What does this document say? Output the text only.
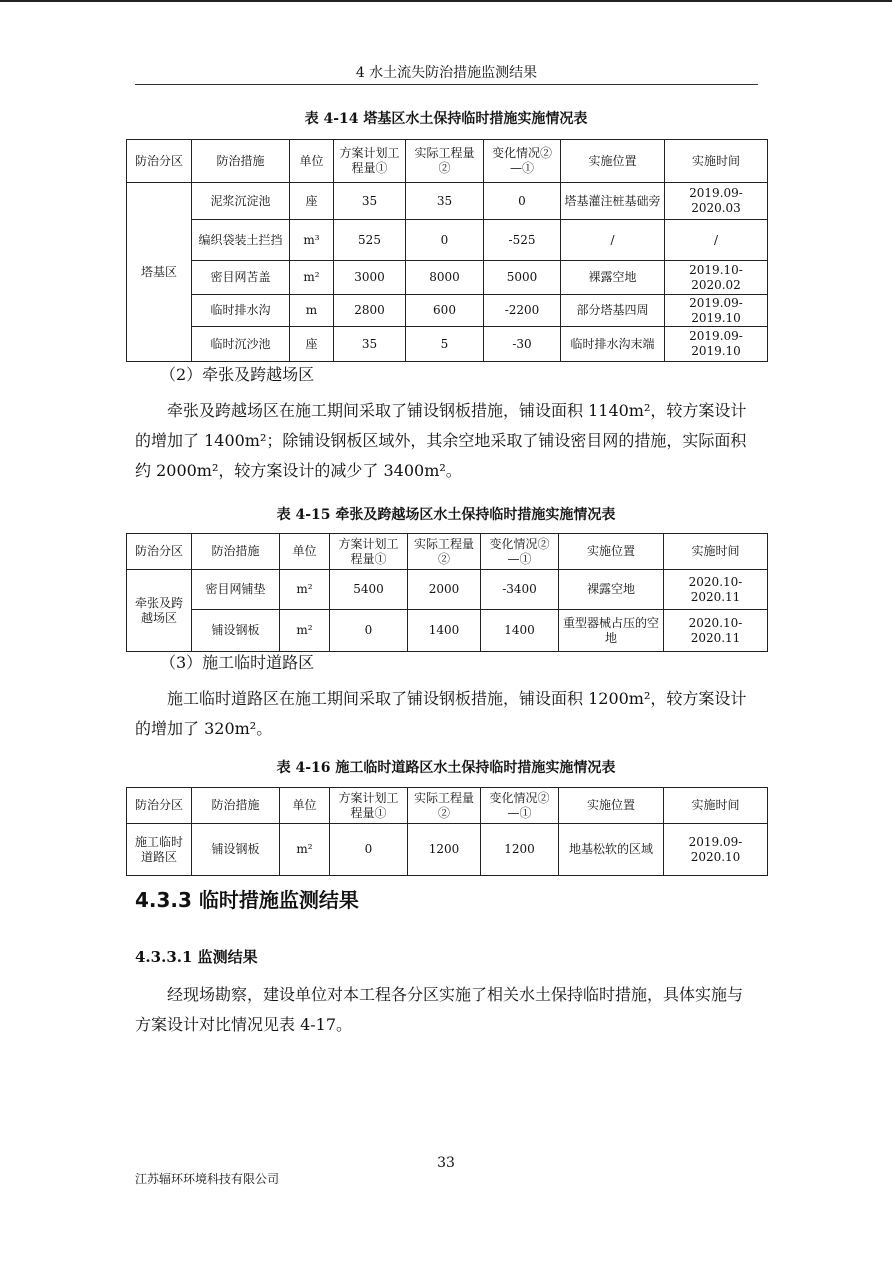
4 水土流失防治措施监测结果
表 4-14 塔基区水土保持临时措施实施情况表
防治分区	防治措施	单位	方案计划工程量①	实际工程量②	变化情况②—①	实施位置	实施时间
塔基区	泥浆沉淀池	座	35	35	0	塔基灌注桩基础旁	2019.09-2020.03
	编织袋装土拦挡	m³	525	0	-525	/	/
	密目网苫盖	m²	3000	8000	5000	裸露空地	2019.10-2020.02
	临时排水沟	m	2800	600	-2200	部分塔基四周	2019.09-2019.10
	临时沉沙池	座	35	5	-30	临时排水沟末端	2019.09-2019.10

（2）牵张及跨越场区

牵张及跨越场区在施工期间采取了铺设钢板措施，铺设面积 1140m²，较方案设计的增加了 1400m²；除铺设钢板区域外，其余空地采取了铺设密目网的措施，实际面积约 2000m²，较方案设计的减少了 3400m²。

表 4-15 牵张及跨越场区水土保持临时措施实施情况表
防治分区	防治措施	单位	方案计划工程量①	实际工程量②	变化情况②—①	实施位置	实施时间
牵张及跨越场区	密目网铺垫	m²	5400	2000	-3400	裸露空地	2020.10-2020.11
	铺设钢板	m²	0	1400	1400	重型器械占压的空地	2020.10-2020.11

（3）施工临时道路区

施工临时道路区在施工期间采取了铺设钢板措施，铺设面积 1200m²，较方案设计的增加了 320m²。

表 4-16 施工临时道路区水土保持临时措施实施情况表
防治分区	防治措施	单位	方案计划工程量①	实际工程量②	变化情况②—①	实施位置	实施时间
施工临时道路区	铺设钢板	m²	0	1200	1200	地基松软的区域	2019.09-2020.10
4.3.3 临时措施监测结果
4.3.3.1 监测结果

经现场勘察，建设单位对本工程各分区实施了相关水土保持临时措施，具体实施与方案设计对比情况见表 4-17。

33
江苏辐环环境科技有限公司
